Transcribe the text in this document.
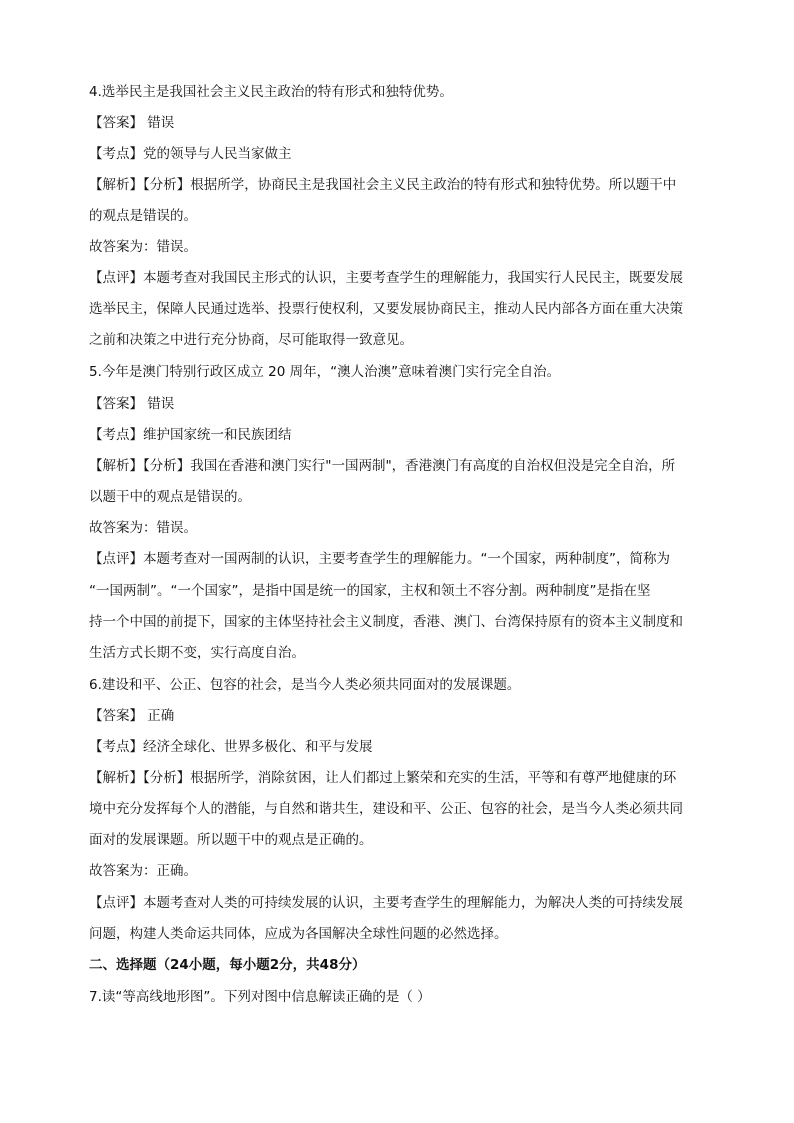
4.选举民主是我国社会主义民主政治的特有形式和独特优势。
【答案】 错误
【考点】党的领导与人民当家做主
【解析】【分析】根据所学，协商民主是我国社会主义民主政治的特有形式和独特优势。所以题干中
的观点是错误的。
故答案为：错误。
【点评】本题考查对我国民主形式的认识，主要考查学生的理解能力，我国实行人民民主，既要发展
选举民主，保障人民通过选举、投票行使权利，又要发展协商民主，推动人民内部各方面在重大决策
之前和决策之中进行充分协商，尽可能取得一致意见。
5.今年是澳门特别行政区成立 20 周年，“澳人治澳”意味着澳门实行完全自治。
【答案】 错误
【考点】维护国家统一和民族团结
【解析】【分析】我国在香港和澳门实行"一国两制"，香港澳门有高度的自治权但没是完全自治，所
以题干中的观点是错误的。
故答案为：错误。
【点评】本题考查对一国两制的认识，主要考查学生的理解能力。“一个国家，两种制度”，简称为
“一国两制”。“一个国家”，是指中国是统一的国家，主权和领土不容分割。两种制度”是指在坚
持一个中国的前提下，国家的主体坚持社会主义制度，香港、澳门、台湾保持原有的资本主义制度和
生活方式长期不变，实行高度自治。
6.建设和平、公正、包容的社会，是当今人类必须共同面对的发展课题。
【答案】 正确
【考点】经济全球化、世界多极化、和平与发展
【解析】【分析】根据所学，消除贫困，让人们都过上繁荣和充实的生活，平等和有尊严地健康的环
境中充分发挥每个人的潜能，与自然和谐共生，建设和平、公正、包容的社会，是当今人类必须共同
面对的发展课题。所以题干中的观点是正确的。
故答案为：正确。
【点评】本题考查对人类的可持续发展的认识，主要考查学生的理解能力，为解决人类的可持续发展
问题，构建人类命运共同体，应成为各国解决全球性问题的必然选择。
二、选择题（24小题，每小题2分，共48分）
7.读“等高线地形图”。下列对图中信息解读正确的是（ ）
